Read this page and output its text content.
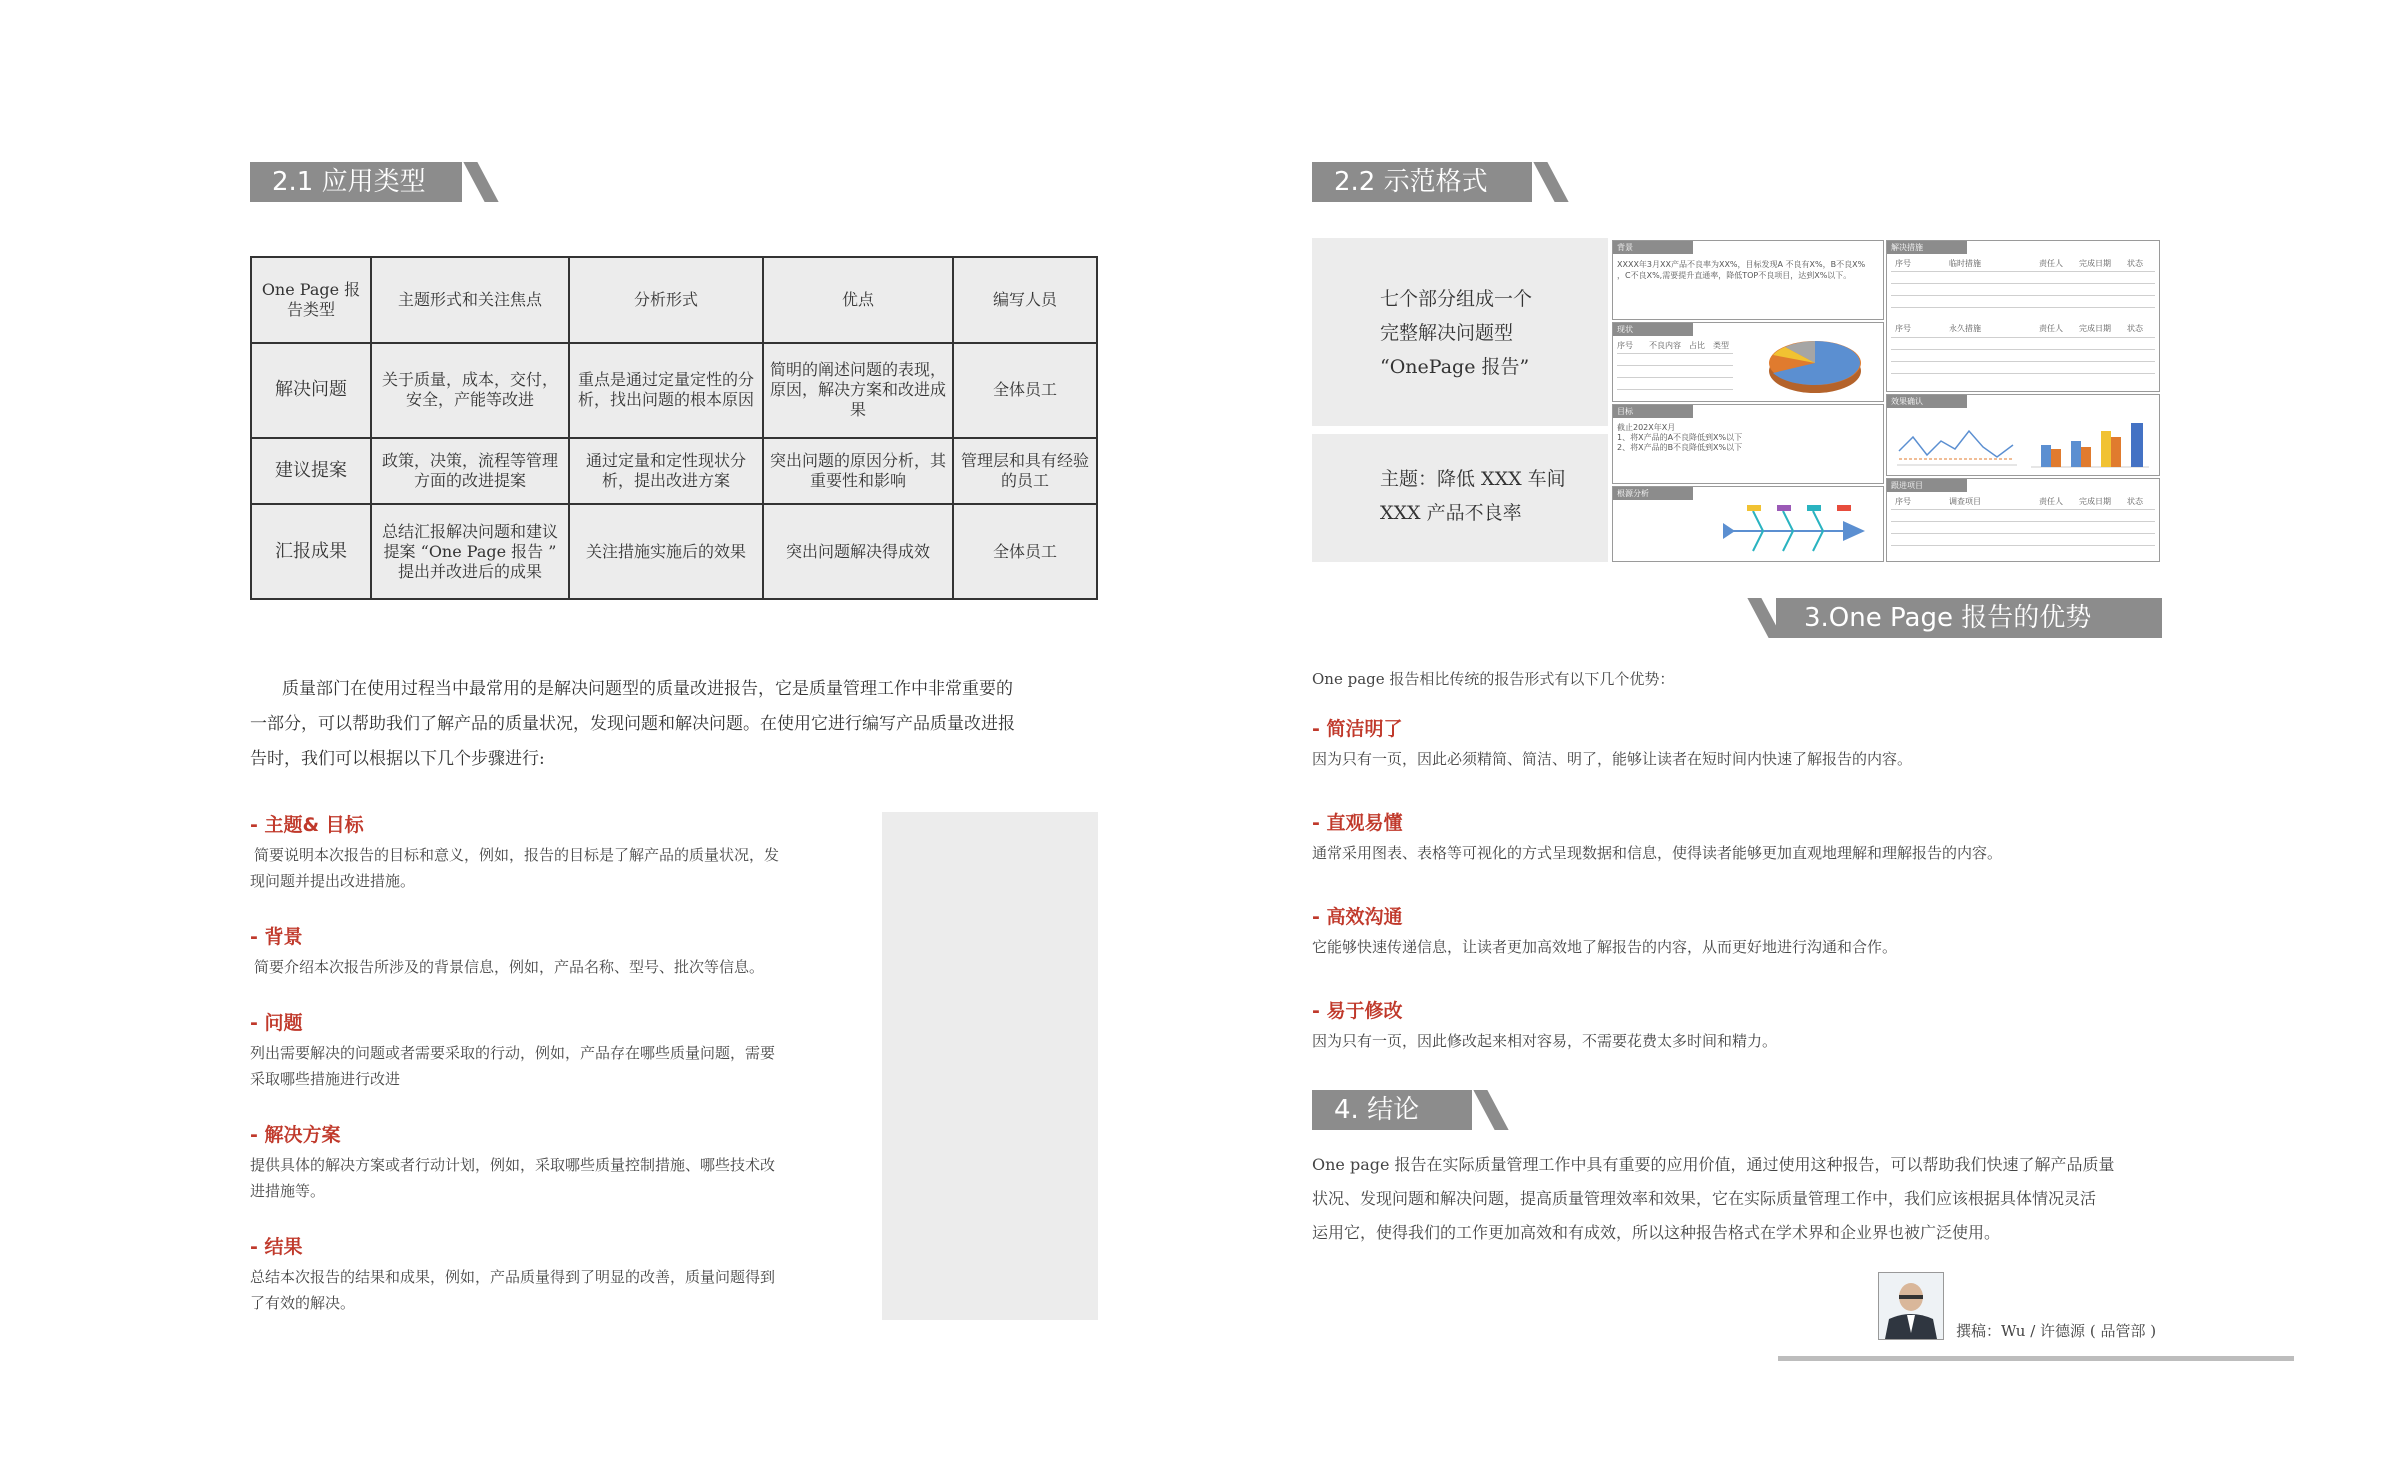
2.1 应用类型
One Page 报告类型	主题形式和关注焦点	分析形式	优点	编写人员
解决问题	关于质量，成本，交付，安全，产能等改进	重点是通过定量定性的分析，找出问题的根本原因	简明的阐述问题的表现，原因，解决方案和改进成果	全体员工
建议提案	政策，决策，流程等管理方面的改进提案	通过定量和定性现状分析，提出改进方案	突出问题的原因分析，其重要性和影响	管理层和具有经验的员工
汇报成果	总结汇报解决问题和建议提案 “One Page 报告 ” 提出并改进后的成果	关注措施实施后的效果	突出问题解决得成效	全体员工
质量部门在使用过程当中最常用的是解决问题型的质量改进报告，它是质量管理工作中非常重要的
一部分，可以帮助我们了解产品的质量状况，发现问题和解决问题。在使用它进行编写产品质量改进报
告时，我们可以根据以下几个步骤进行:
- 主题& 目标
简要说明本次报告的目标和意义，例如，报告的目标是了解产品的质量状况，发
现问题并提出改进措施。
- 背景
简要介绍本次报告所涉及的背景信息，例如，产品名称、型号、批次等信息。
- 问题
列出需要解决的问题或者需要采取的行动，例如，产品存在哪些质量问题，需要
采取哪些措施进行改进
- 解决方案
提供具体的解决方案或者行动计划，例如，采取哪些质量控制措施、哪些技术改
进措施等。
- 结果
总结本次报告的结果和成果，例如，产品质量得到了明显的改善，质量问题得到
了有效的解决。
2.2 示范格式
七个部分组成一个
完整解决问题型
“OnePage 报告”
主题：降低 XXX 车间
XXX 产品不良率
背景
XXXX年3月XX产品不良率为XX%，目标发现A 不良有X%，B不良X%
，C不良X%,需要提升直通率，降低TOP不良项目，达到X%以下。
现状
序号 不良内容 占比 类型
目标
截止202X年X月
1、将X产品的A不良降低到X%以下
2、将X产品的B不良降低到X%以下
根源分析
解决措施
序号	临时措施	责任人 完成日期 状态
序号	永久措施	责任人 完成日期 状态
效果确认
跟进项目
序号	调查项目	责任人 完成日期 状态
3.One Page 报告的优势
One page 报告相比传统的报告形式有以下几个优势：
- 简洁明了
因为只有一页，因此必须精简、简洁、明了，能够让读者在短时间内快速了解报告的内容。
- 直观易懂
通常采用图表、表格等可视化的方式呈现数据和信息，使得读者能够更加直观地理解和理解报告的内容。
- 高效沟通
它能够快速传递信息，让读者更加高效地了解报告的内容，从而更好地进行沟通和合作。
- 易于修改
因为只有一页，因此修改起来相对容易，不需要花费太多时间和精力。
4. 结论
One page 报告在实际质量管理工作中具有重要的应用价值，通过使用这种报告，可以帮助我们快速了解产品质量
状况、发现问题和解决问题，提高质量管理效率和效果，它在实际质量管理工作中，我们应该根据具体情况灵活
运用它，使得我们的工作更加高效和有成效，所以这种报告格式在学术界和企业界也被广泛使用。
撰稿：Wu / 许德源 ( 品管部 )
